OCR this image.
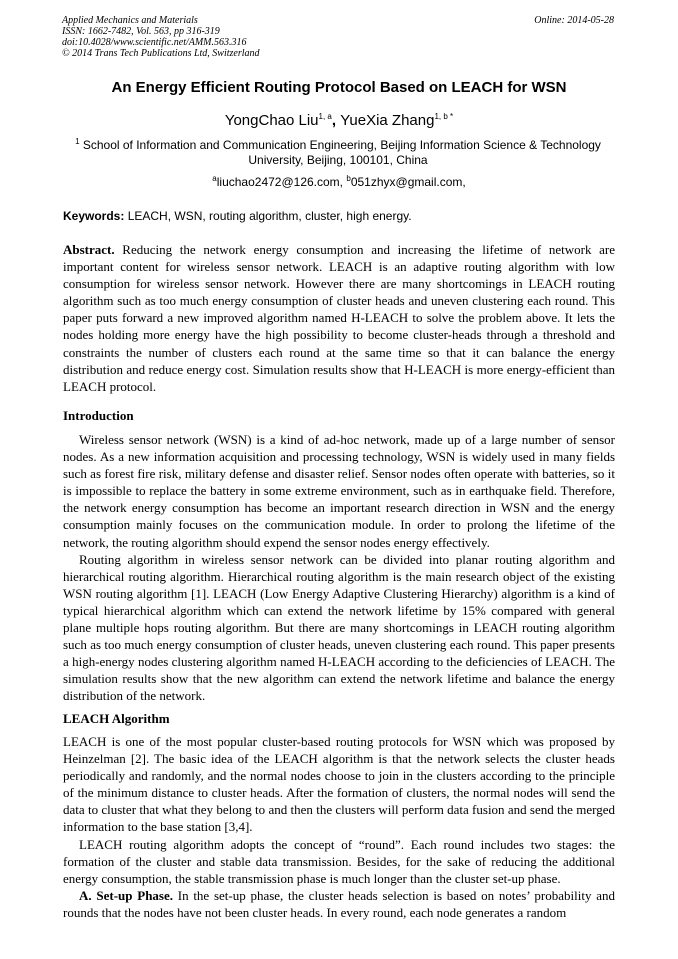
Applied Mechanics and Materials
ISSN: 1662-7482, Vol. 563, pp 316-319
doi:10.4028/www.scientific.net/AMM.563.316
© 2014 Trans Tech Publications Ltd, Switzerland
Online: 2014-05-28
An Energy Efficient Routing Protocol Based on LEACH for WSN
YongChao Liu$^{1, a}$, YueXia Zhang$^{1, b *}$
$^1$ School of Information and Communication Engineering, Beijing Information Science & Technology University, Beijing, 100101, China
$^a$liuchao2472@126.com, $^b$051zhyx@gmail.com,
Keywords: LEACH, WSN, routing algorithm, cluster, high energy.

Abstract. Reducing the network energy consumption and increasing the lifetime of network are important content for wireless sensor network. LEACH is an adaptive routing algorithm with low consumption for wireless sensor network. However there are many shortcomings in LEACH routing algorithm such as too much energy consumption of cluster heads and uneven clustering each round. This paper puts forward a new improved algorithm named H-LEACH to solve the problem above. It lets the nodes holding more energy have the high possibility to become cluster-heads through a threshold and constraints the number of clusters each round at the same time so that it can balance the energy distribution and reduce energy cost. Simulation results show that H-LEACH is more energy-efficient than LEACH protocol.

Introduction

Wireless sensor network (WSN) is a kind of ad-hoc network, made up of a large number of sensor nodes. As a new information acquisition and processing technology, WSN is widely used in many fields such as forest fire risk, military defense and disaster relief. Sensor nodes often operate with batteries, so it is impossible to replace the battery in some extreme environment, such as in earthquake field. Therefore, the network energy consumption has become an important research direction in WSN and the energy consumption mainly focuses on the communication module. In order to prolong the lifetime of the network, the routing algorithm should expend the sensor nodes energy effectively.

Routing algorithm in wireless sensor network can be divided into planar routing algorithm and hierarchical routing algorithm. Hierarchical routing algorithm is the main research object of the existing WSN routing algorithm [1]. LEACH (Low Energy Adaptive Clustering Hierarchy) algorithm is a kind of typical hierarchical algorithm which can extend the network lifetime by 15% compared with general plane multiple hops routing algorithm. But there are many shortcomings in LEACH routing algorithm such as too much energy consumption of cluster heads, uneven clustering each round. This paper presents a high-energy nodes clustering algorithm named H-LEACH according to the deficiencies of LEACH. The simulation results show that the new algorithm can extend the network lifetime and balance the energy distribution of the network.

LEACH Algorithm

LEACH is one of the most popular cluster-based routing protocols for WSN which was proposed by Heinzelman [2]. The basic idea of the LEACH algorithm is that the network selects the cluster heads periodically and randomly, and the normal nodes choose to join in the clusters according to the principle of the minimum distance to cluster heads. After the formation of clusters, the normal nodes will send the data to cluster that what they belong to and then the clusters will perform data fusion and send the merged information to the base station [3,4].

LEACH routing algorithm adopts the concept of “round”. Each round includes two stages: the formation of the cluster and stable data transmission. Besides, for the sake of reducing the additional energy consumption, the stable transmission phase is much longer than the cluster set-up phase.

A. Set-up Phase. In the set-up phase, the cluster heads selection is based on notes’ probability and rounds that the nodes have not been cluster heads. In every round, each node generates a random
